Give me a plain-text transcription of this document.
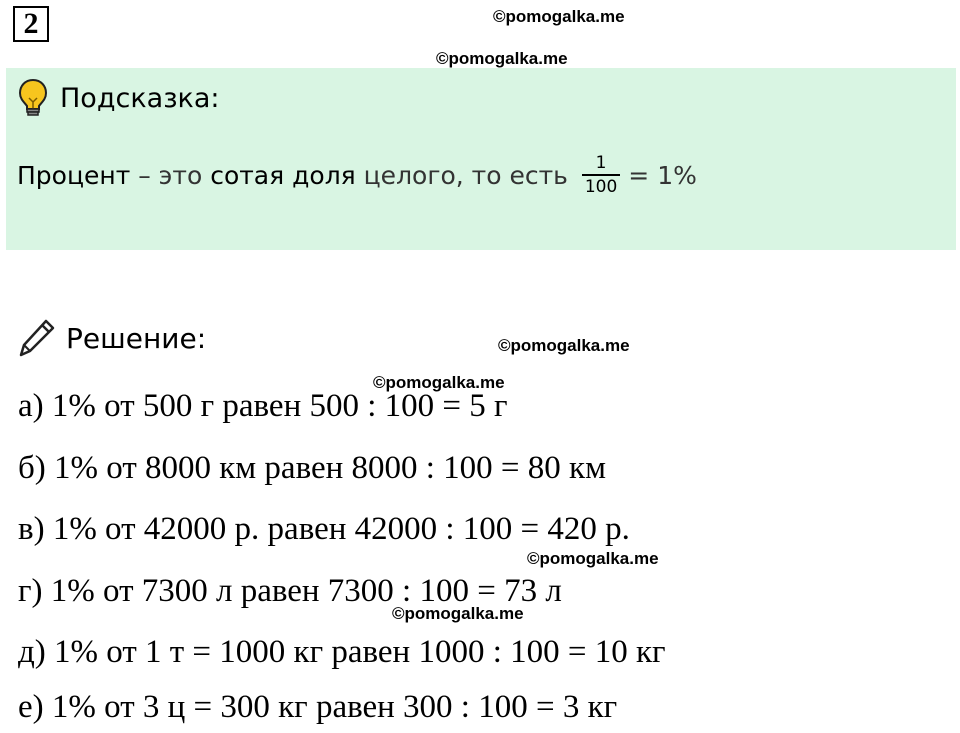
2	©pomogalka.me
©pomogalka.me
Подсказка:
Процент – это сотая доля целого, то есть $\frac{1}{100} = 1\%$
Решение:	©pomogalka.me
©pomogalka.me
а) 1% от 500 г равен 500 : 100 = 5 г
б) 1% от 8000 км равен 8000 : 100 = 80 км
в) 1% от 42000 р. равен 42000 : 100 = 420 р.
©pomogalka.me
г) 1% от 7300 л равен 7300 : 100 = 73 л
©pomogalka.me
д) 1% от 1 т = 1000 кг равен 1000 : 100 = 10 кг
е) 1% от 3 ц = 300 кг равен 300 : 100 = 3 кг
